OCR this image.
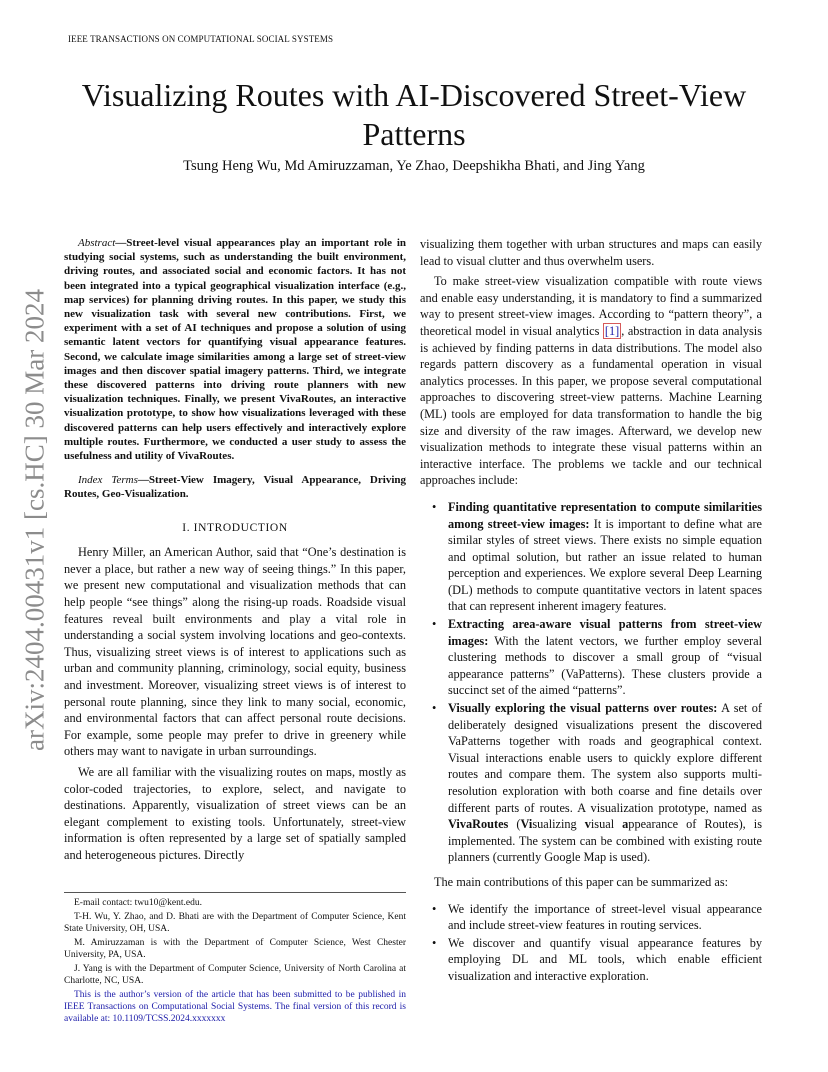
IEEE TRANSACTIONS ON COMPUTATIONAL SOCIAL SYSTEMS
arXiv:2404.00431v1 [cs.HC] 30 Mar 2024
Visualizing Routes with AI-Discovered Street-View Patterns
Tsung Heng Wu, Md Amiruzzaman, Ye Zhao, Deepshikha Bhati, and Jing Yang

Abstract—Street-level visual appearances play an important role in studying social systems, such as understanding the built environment, driving routes, and associated social and economic factors. It has not been integrated into a typical geographical visualization interface (e.g., map services) for planning driving routes. In this paper, we study this new visualization task with several new contributions. First, we experiment with a set of AI techniques and propose a solution of using semantic latent vectors for quantifying visual appearance features. Second, we calculate image similarities among a large set of street-view images and then discover spatial imagery patterns. Third, we integrate these discovered patterns into driving route planners with new visualization techniques. Finally, we present VivaRoutes, an interactive visualization prototype, to show how visualizations leveraged with these discovered patterns can help users effectively and interactively explore multiple routes. Furthermore, we conducted a user study to assess the usefulness and utility of VivaRoutes.

Index Terms—Street-View Imagery, Visual Appearance, Driving Routes, Geo-Visualization.

I. INTRODUCTION

Henry Miller, an American Author, said that “One’s destination is never a place, but rather a new way of seeing things.” In this paper, we present new computational and visualization methods that can help people “see things” along the rising-up roads. Roadside visual features reveal built environments and play a vital role in understanding a social system involving locations and geo-contexts. Thus, visualizing street views is of interest to applications such as urban and community planning, criminology, social equity, business and investment. Moreover, visualizing street views is of interest to personal route planning, since they link to many social, economic, and environmental factors that can affect personal route decisions. For example, some people may prefer to drive in greenery while others may want to navigate in urban surroundings.

We are all familiar with the visualizing routes on maps, mostly as color-coded trajectories, to explore, select, and navigate to destinations. Apparently, visualization of street views can be an elegant complement to existing tools. Unfortunately, street-view information is often represented by a large set of spatially sampled and heterogeneous pictures. Directly

E-mail contact: twu10@kent.edu.

T-H. Wu, Y. Zhao, and D. Bhati are with the Department of Computer Science, Kent State University, OH, USA.

M. Amiruzzaman is with the Department of Computer Science, West Chester University, PA, USA.

J. Yang is with the Department of Computer Science, University of North Carolina at Charlotte, NC, USA.

This is the author’s version of the article that has been submitted to be published in IEEE Transactions on Computational Social Systems. The final version of this record is available at: 10.1109/TCSS.2024.xxxxxxx

visualizing them together with urban structures and maps can easily lead to visual clutter and thus overwhelm users.

To make street-view visualization compatible with route views and enable easy understanding, it is mandatory to find a summarized way to present street-view images. According to “pattern theory”, a theoretical model in visual analytics [1] , abstraction in data analysis is achieved by finding patterns in data distributions. The model also regards pattern discovery as a fundamental operation in visual analytics processes. In this paper, we propose several computational approaches to discovering street-view patterns. Machine Learning (ML) tools are employed for data transformation to handle the big size and diversity of the raw images. Afterward, we develop new visualization methods to integrate these visual patterns within an interactive interface. The problems we tackle and our technical approaches include:

• Finding quantitative representation to compute similarities among street-view images: It is important to define what are similar styles of street views. There exists no simple equation and optimal solution, but rather an issue related to human perception and experiences. We explore several Deep Learning (DL) methods to compute quantitative vectors in latent spaces that can represent inherent imagery features.
• Extracting area-aware visual patterns from street-view images: With the latent vectors, we further employ several clustering methods to discover a small group of “visual appearance patterns” (VaPatterns). These clusters provide a succinct set of the aimed “patterns”.
• Visually exploring the visual patterns over routes: A set of deliberately designed visualizations present the discovered VaPatterns together with roads and geographical context. Visual interactions enable users to quickly explore different routes and compare them. The system also supports multi-resolution exploration with both coarse and fine details over different parts of routes. A visualization prototype, named as VivaRoutes (Visualizing visual appearance of Routes), is implemented. The system can be combined with existing route planners (currently Google Map is used).

The main contributions of this paper can be summarized as:

• We identify the importance of street-level visual appearance and include street-view features in routing services.
• We discover and quantify visual appearance features by employing DL and ML tools, which enable efficient visualization and interactive exploration.
